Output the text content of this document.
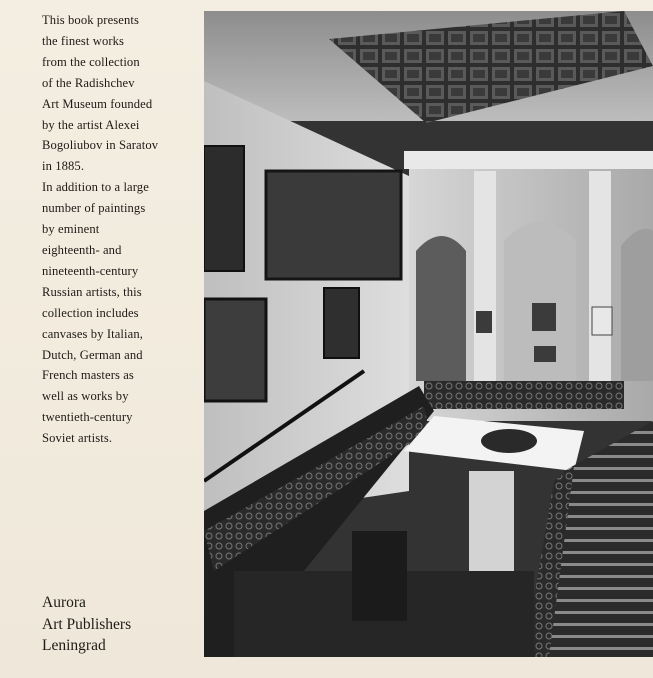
This book presents
the finest works
from the collection
of the Radishchev
Art Museum founded
by the artist Alexei
Bogoliubov in Saratov
in 1885.
In addition to a large
number of paintings
by eminent
eighteenth- and
nineteenth-century
Russian artists, this
collection includes
canvases by Italian,
Dutch, German and
French masters as
well as works by
twentieth-century
Soviet artists.
Aurora
Art Publishers
Leningrad
